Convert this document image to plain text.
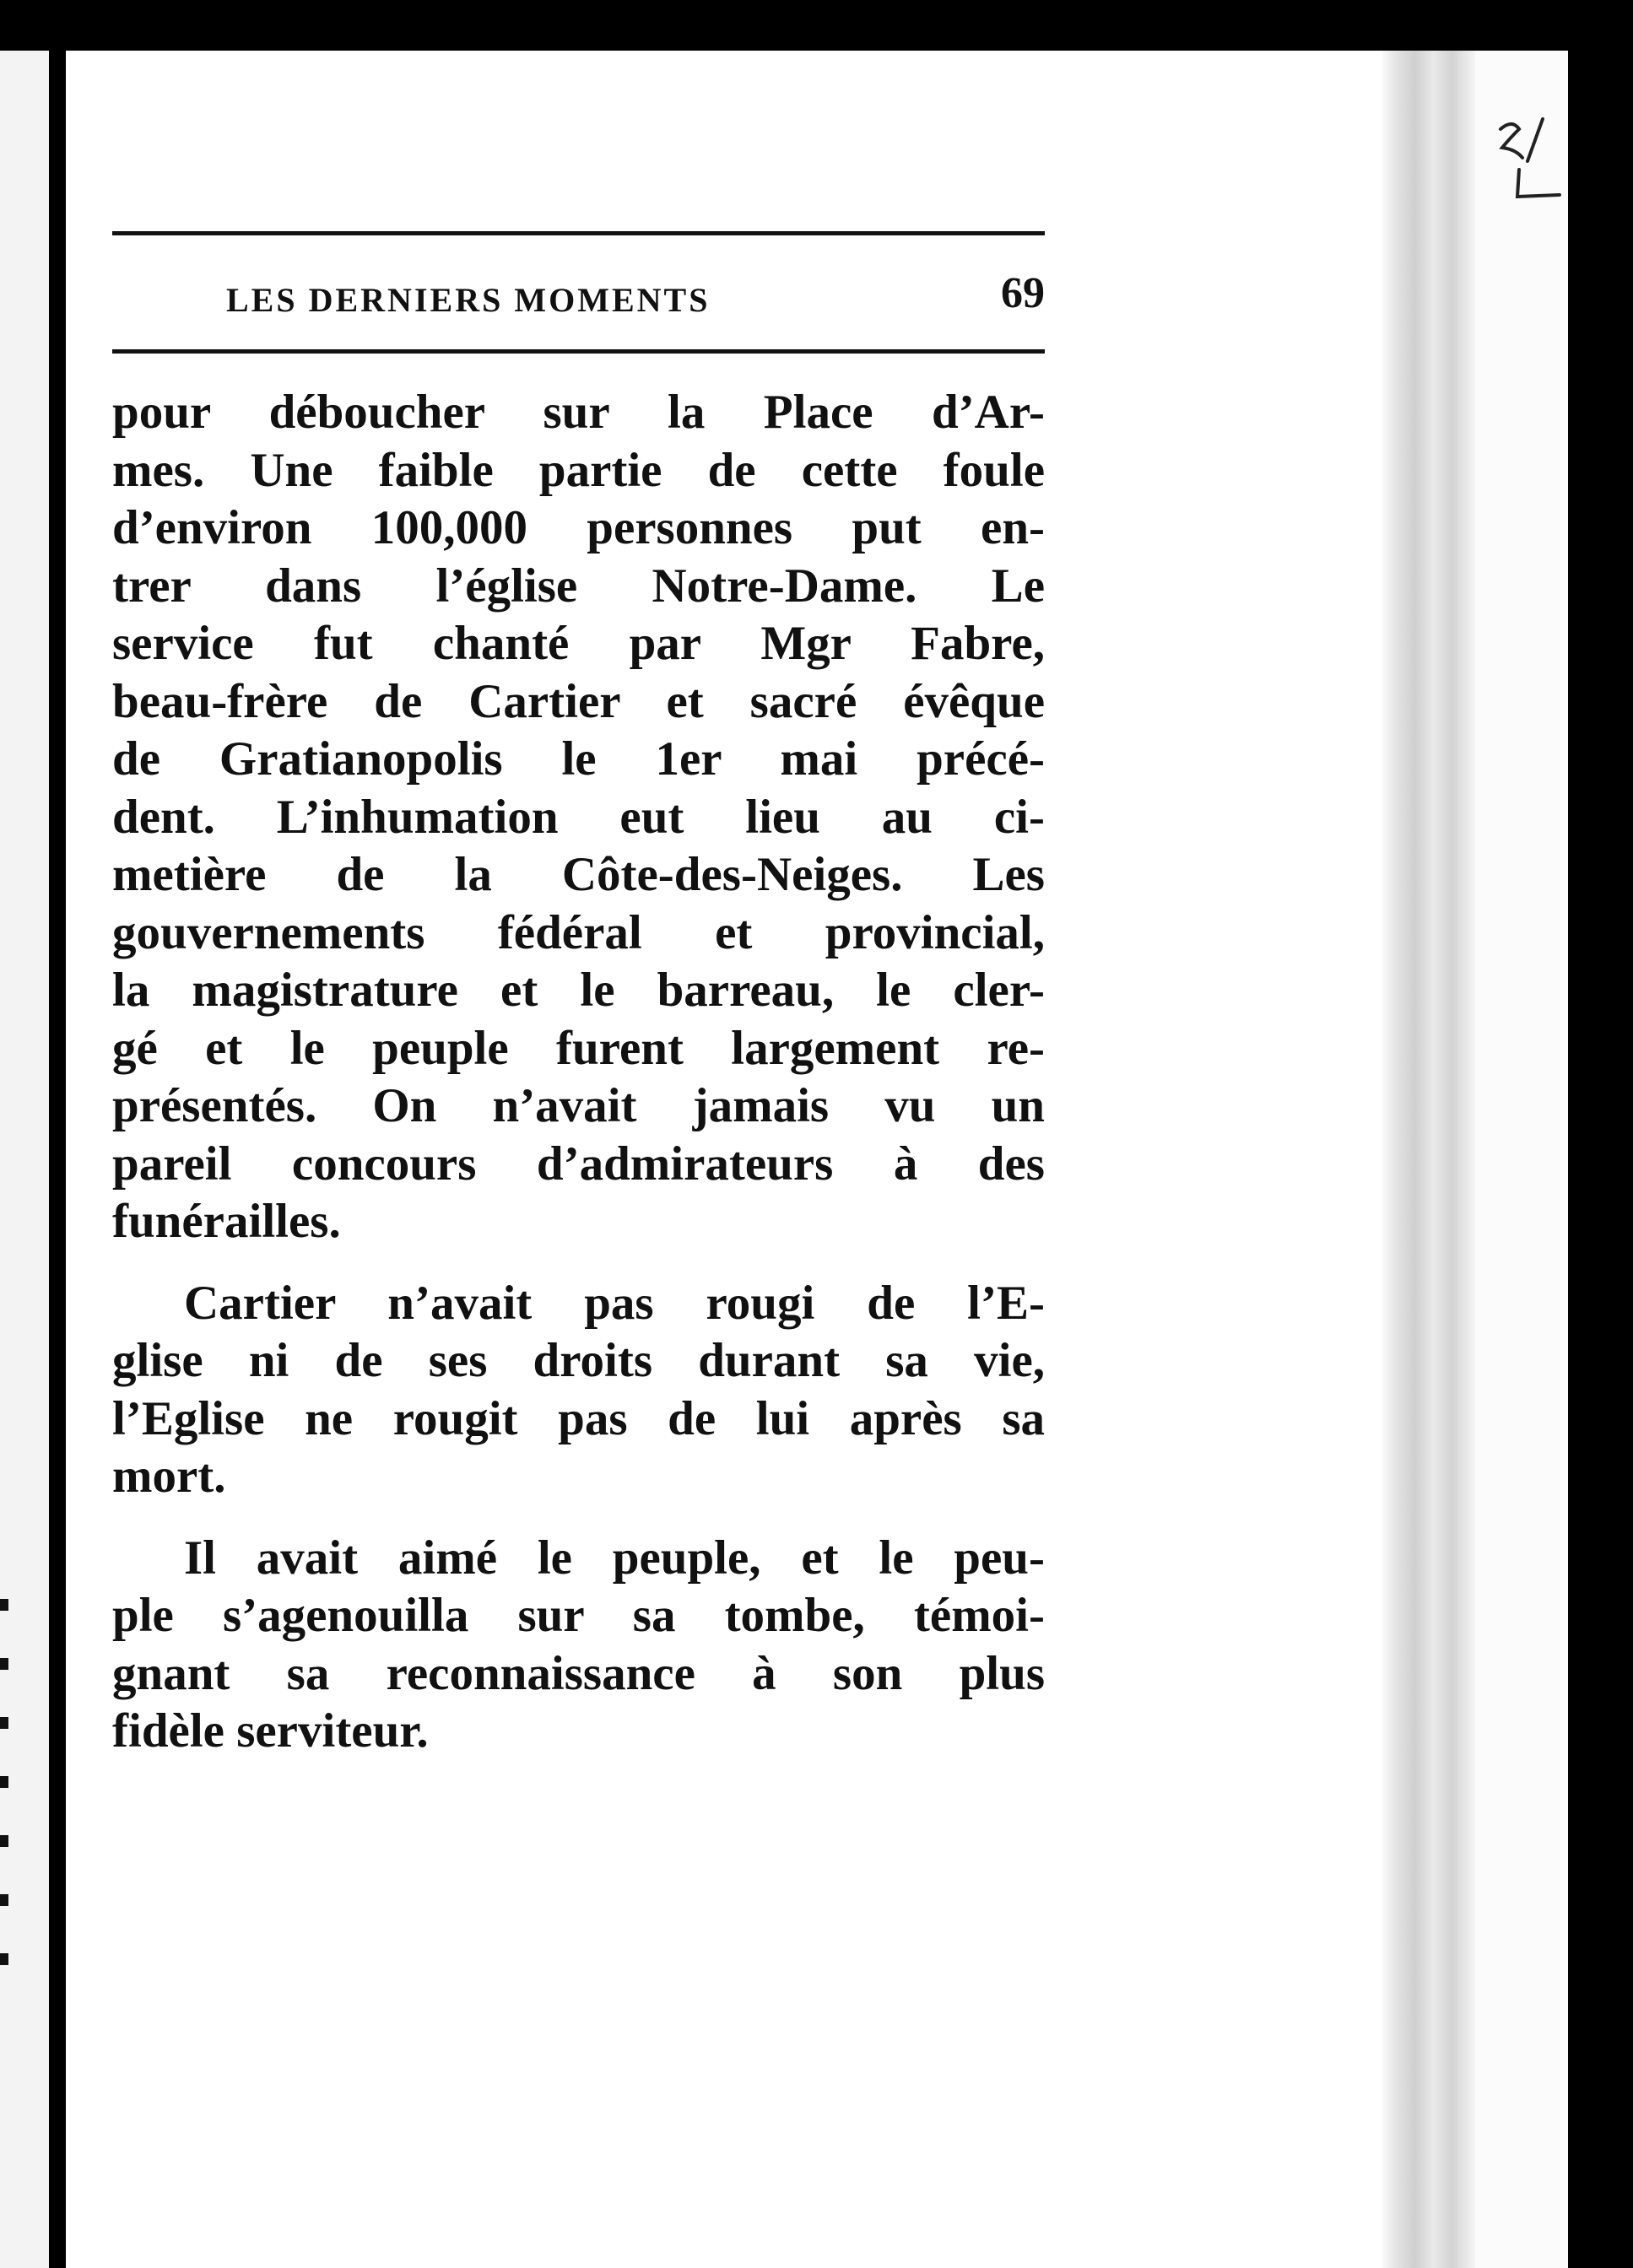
LES DERNIERS MOMENTS	69
pour déboucher sur la Place d’Ar-
mes. Une faible partie de cette foule
d’environ 100,000 personnes put en-
trer dans l’église Notre-Dame. Le
service fut chanté par Mgr Fabre,
beau-frère de Cartier et sacré évêque
de Gratianopolis le 1er mai précé-
dent. L’inhumation eut lieu au ci-
metière de la Côte-des-Neiges. Les
gouvernements fédéral et provincial,
la magistrature et le barreau, le cler-
gé et le peuple furent largement re-
présentés. On n’avait jamais vu un
pareil concours d’admirateurs à des
funérailles.
Cartier n’avait pas rougi de l’E-
glise ni de ses droits durant sa vie,
l’Eglise ne rougit pas de lui après sa
mort.
Il avait aimé le peuple, et le peu-
ple s’agenouilla sur sa tombe, témoi-
gnant sa reconnaissance à son plus
fidèle serviteur.
